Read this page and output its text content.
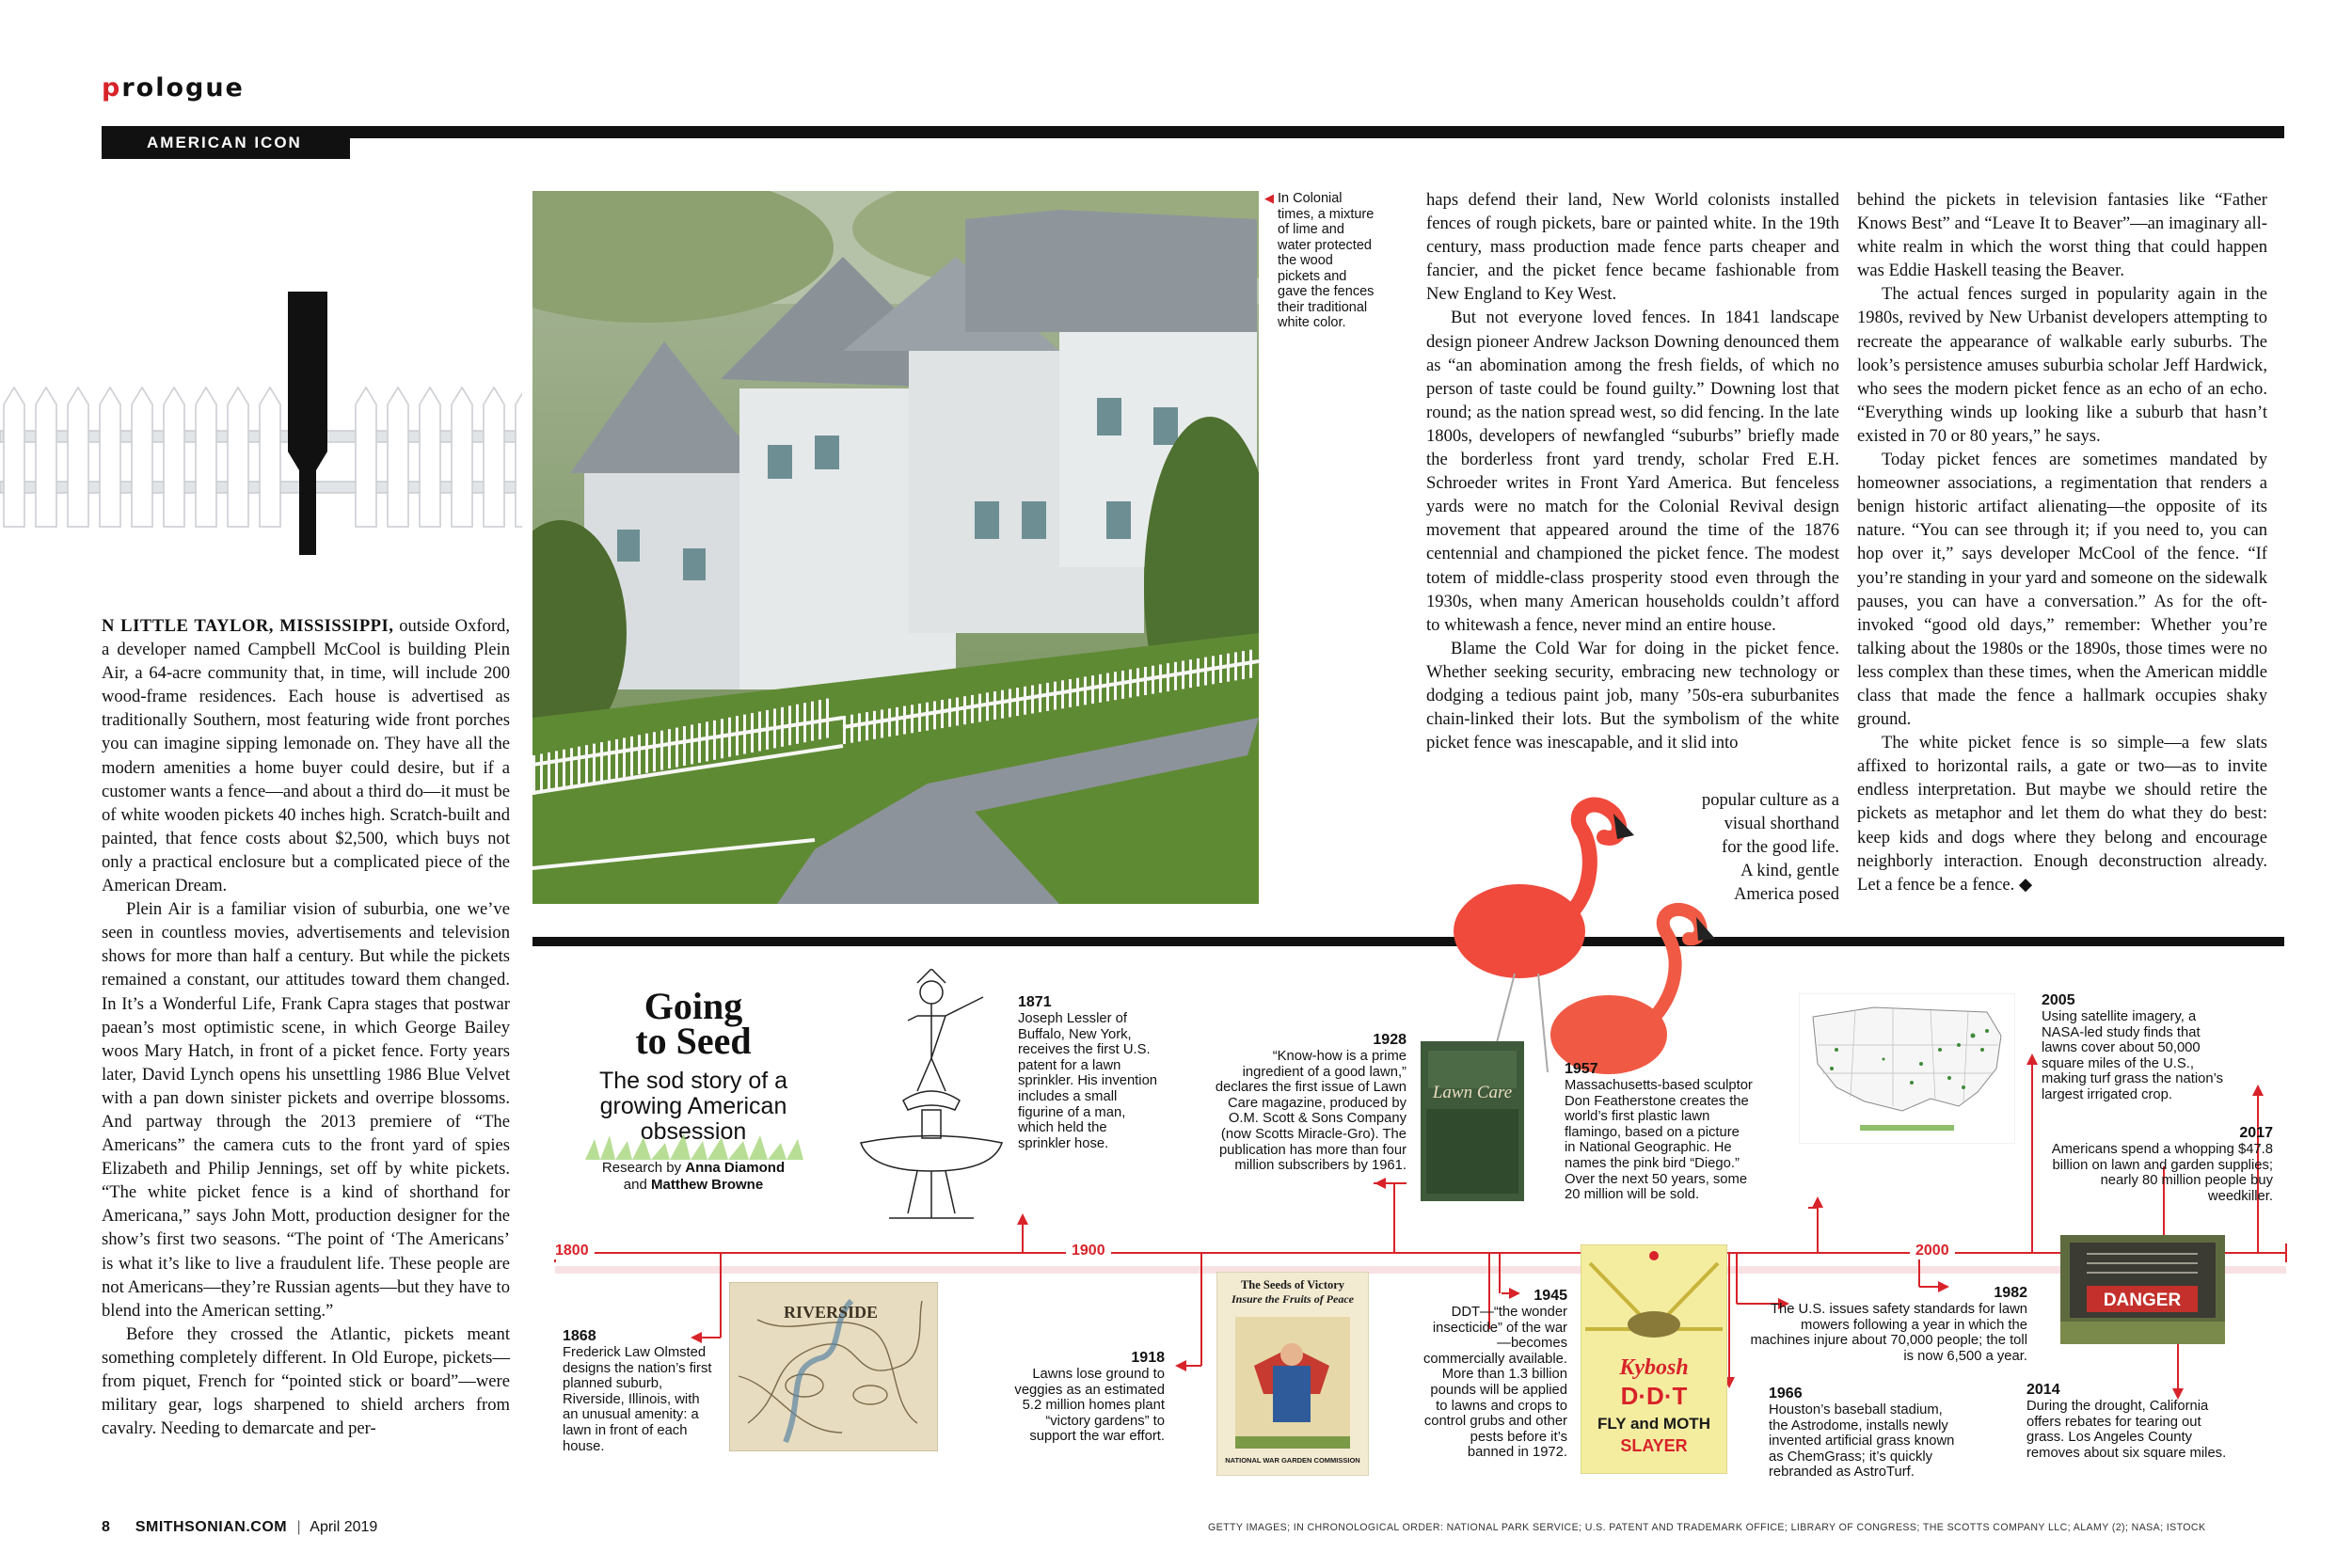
prologue
AMERICAN ICON

N LITTLE TAYLOR, MISSISSIPPI, outside Oxford, a developer named Campbell McCool is building Plein Air, a 64-acre community that, in time, will include 200 wood-frame residences. Each house is advertised as traditionally Southern, most featuring wide front porches you can imagine sipping lemonade on. They have all the modern amenities a home buyer could desire, but if a customer wants a fence—and about a third do—it must be of white wooden pickets 40 inches high. Scratch-built and painted, that fence costs about $2,500, which buys not only a practical enclosure but a complicated piece of the American Dream.

Plein Air is a familiar vision of suburbia, one we’ve seen in countless movies, advertisements and television shows for more than half a century. But while the pickets remained a constant, our attitudes toward them changed. In It’s a Wonderful Life, Frank Capra stages that postwar paean’s most optimistic scene, in which George Bailey woos Mary Hatch, in front of a picket fence. Forty years later, David Lynch opens his unsettling 1986 Blue Velvet with a pan down sinister pickets and overripe blossoms. And partway through the 2013 premiere of “The Americans” the camera cuts to the front yard of spies Elizabeth and Philip Jennings, set off by white pickets. “The white picket fence is a kind of shorthand for Americana,” says John Mott, production designer for the show’s first two seasons. “The point of ‘The Americans’ is what it’s like to live a fraudulent life. These people are not Americans—they’re Russian agents—but they have to blend into the American setting.”

Before they crossed the Atlantic, pickets meant something completely different. In Old Europe, pickets—from piquet, French for “pointed stick or board”—were military gear, logs sharpened to shield archers from cavalry. Needing to demarcate and per-

◀ In Colonial times, a mixture of lime and water protected the wood pickets and gave the fences their traditional white color.

haps defend their land, New World colonists installed fences of rough pickets, bare or painted white. In the 19th century, mass production made fence parts cheaper and fancier, and the picket fence became fashionable from New England to Key West.

But not everyone loved fences. In 1841 landscape design pioneer Andrew Jackson Downing denounced them as “an abomination among the fresh fields, of which no person of taste could be found guilty.” Downing lost that round; as the nation spread west, so did fencing. In the late 1800s, developers of newfangled “suburbs” briefly made the borderless front yard trendy, scholar Fred E.H. Schroeder writes in Front Yard America. But fenceless yards were no match for the Colonial Revival design movement that appeared around the time of the 1876 centennial and championed the picket fence. The modest totem of middle-class prosperity stood even through the 1930s, when many American households couldn’t afford to whitewash a fence, never mind an entire house.

Blame the Cold War for doing in the picket fence. Whether seeking security, embracing new technology or dodging a tedious paint job, many ’50s-era suburbanites chain-linked their lots. But the symbolism of the white picket fence was inescapable, and it slid into

popular culture as a
visual shorthand
for the good life.
A kind, gentle
America posed

behind the pickets in television fantasies like “Father Knows Best” and “Leave It to Beaver”—an imaginary all-white realm in which the worst thing that could happen was Eddie Haskell teasing the Beaver.

The actual fences surged in popularity again in the 1980s, revived by New Urbanist developers attempting to recreate the appearance of walkable early suburbs. The look’s persistence amuses suburbia scholar Jeff Hardwick, who sees the modern picket fence as an echo of an echo. “Everything winds up looking like a suburb that hasn’t existed in 70 or 80 years,” he says.

Today picket fences are sometimes mandated by homeowner associations, a regimentation that renders a benign historic artifact alienating—the opposite of its nature. “You can see through it; if you need to, you can hop over it,” says developer McCool of the fence. “If you’re standing in your yard and someone on the sidewalk pauses, you can have a conversation.” As for the oft-invoked “good old days,” remember: Whether you’re talking about the 1980s or the 1890s, those times were no less complex than these times, when the American middle class that made the fence a hallmark occupies shaky ground.

The white picket fence is so simple—a few slats affixed to horizontal rails, a gate or two—as to invite endless interpretation. But maybe we should retire the pickets as metaphor and let them do what they do best: keep kids and dogs where they belong and encourage neighborly interaction. Enough deconstruction already. Let a fence be a fence. ◆

Going
to Seed
The sod story of a growing American obsession
Research by Anna Diamond
and Matthew Browne
1800	1900	2000
RIVERSIDE
Lawn Care
The Seeds of Victory
Insure the Fruits of Peace
NATIONAL WAR GARDEN COMMISSION
Kybosh
D·D·T
FLY and MOTH
SLAYER
DANGER
1871
Joseph Lessler of Buffalo, New York, receives the first U.S. patent for a lawn sprinkler. His invention includes a small figurine of a man, which held the sprinkler hose.
1928
“Know-how is a prime ingredient of a good lawn,” declares the first issue of Lawn Care magazine, produced by O.M. Scott & Sons Company (now Scotts Miracle-Gro). The publication has more than four million subscribers by 1961.
1957
Massachusetts-based sculptor Don Featherstone creates the world’s first plastic lawn flamingo, based on a picture in National Geographic. He names the pink bird “Diego.” Over the next 50 years, some 20 million will be sold.
2005
Using satellite imagery, a NASA-led study finds that lawns cover about 50,000 square miles of the U.S., making turf grass the nation’s largest irrigated crop.
2017
Americans spend a whopping $47.8 billion on lawn and garden supplies; nearly 80 million people buy weedkiller.
1868
Frederick Law Olmsted designs the nation’s first planned suburb, Riverside, Illinois, with an unusual amenity: a lawn in front of each house.
1918
Lawns lose ground to veggies as an estimated 5.2 million homes plant “victory gardens” to support the war effort.
1945
DDT—“the wonder insecticide” of the war—becomes commercially available. More than 1.3 billion pounds will be applied to lawns and crops to control grubs and other pests before it’s banned in 1972.
1966
Houston’s baseball stadium, the Astrodome, installs newly invented artificial grass known as ChemGrass; it’s quickly rebranded as AstroTurf.
1982
The U.S. issues safety standards for lawn mowers following a year in which the machines injure about 70,000 people; the toll is now 6,500 a year.
2014
During the drought, California offers rebates for tearing out grass. Los Angeles County removes about six square miles.
8 SMITHSONIAN.COM | April 2019	GETTY IMAGES; IN CHRONOLOGICAL ORDER: NATIONAL PARK SERVICE; U.S. PATENT AND TRADEMARK OFFICE; LIBRARY OF CONGRESS; THE SCOTTS COMPANY LLC; ALAMY (2); NASA; ISTOCK
